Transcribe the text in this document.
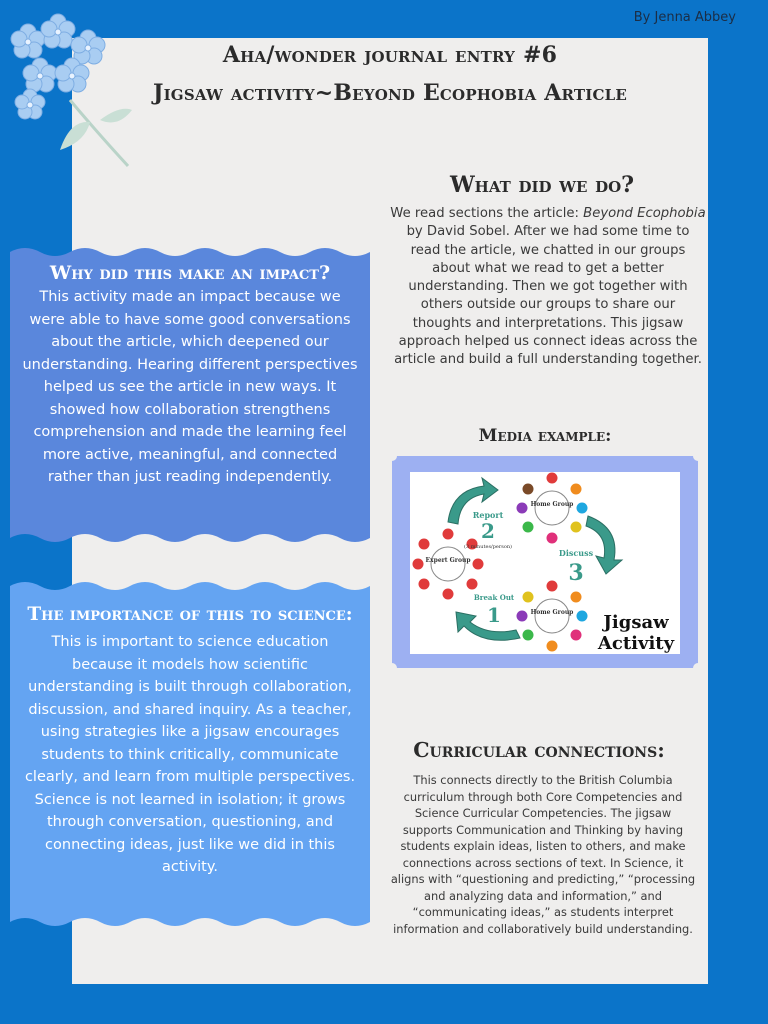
By Jenna Abbey
Aha/wonder journal entry #6
Jigsaw activity~Beyond Ecophobia Article
What did we do?
We read sections the article: Beyond Ecophobia by David Sobel. After we had some time to read the article, we chatted in our groups about what we read to get a better understanding. Then we got together with others outside our groups to share our thoughts and interpretations. This jigsaw approach helped us connect ideas across the article and build a full understanding together.
Why did this make an impact?
This activity made an impact because we were able to have some good conversations about the article, which deepened our understanding. Hearing different perspectives helped us see the article in new ways. It showed how collaboration strengthens comprehension and made the learning feel more active, meaningful, and connected rather than just reading independently.
The importance of this to science:
This is important to science education because it models how scientific understanding is built through collaboration, discussion, and shared inquiry. As a teacher, using strategies like a jigsaw encourages students to think critically, communicate clearly, and learn from multiple perspectives. Science is not learned in isolation; it grows through conversation, questioning, and connecting ideas, just like we did in this activity.
Media example:
Home Group
Expert Group
Home Group
Report
2
(3 minutes/person)
Discuss
3
Break Out
1	Jigsaw
Activity
Curricular connections:
This connects directly to the British Columbia curriculum through both Core Competencies and Science Curricular Competencies. The jigsaw supports Communication and Thinking by having students explain ideas, listen to others, and make connections across sections of text. In Science, it aligns with “questioning and predicting,” “processing and analyzing data and information,” and “communicating ideas,” as students interpret information and collaboratively build understanding.
